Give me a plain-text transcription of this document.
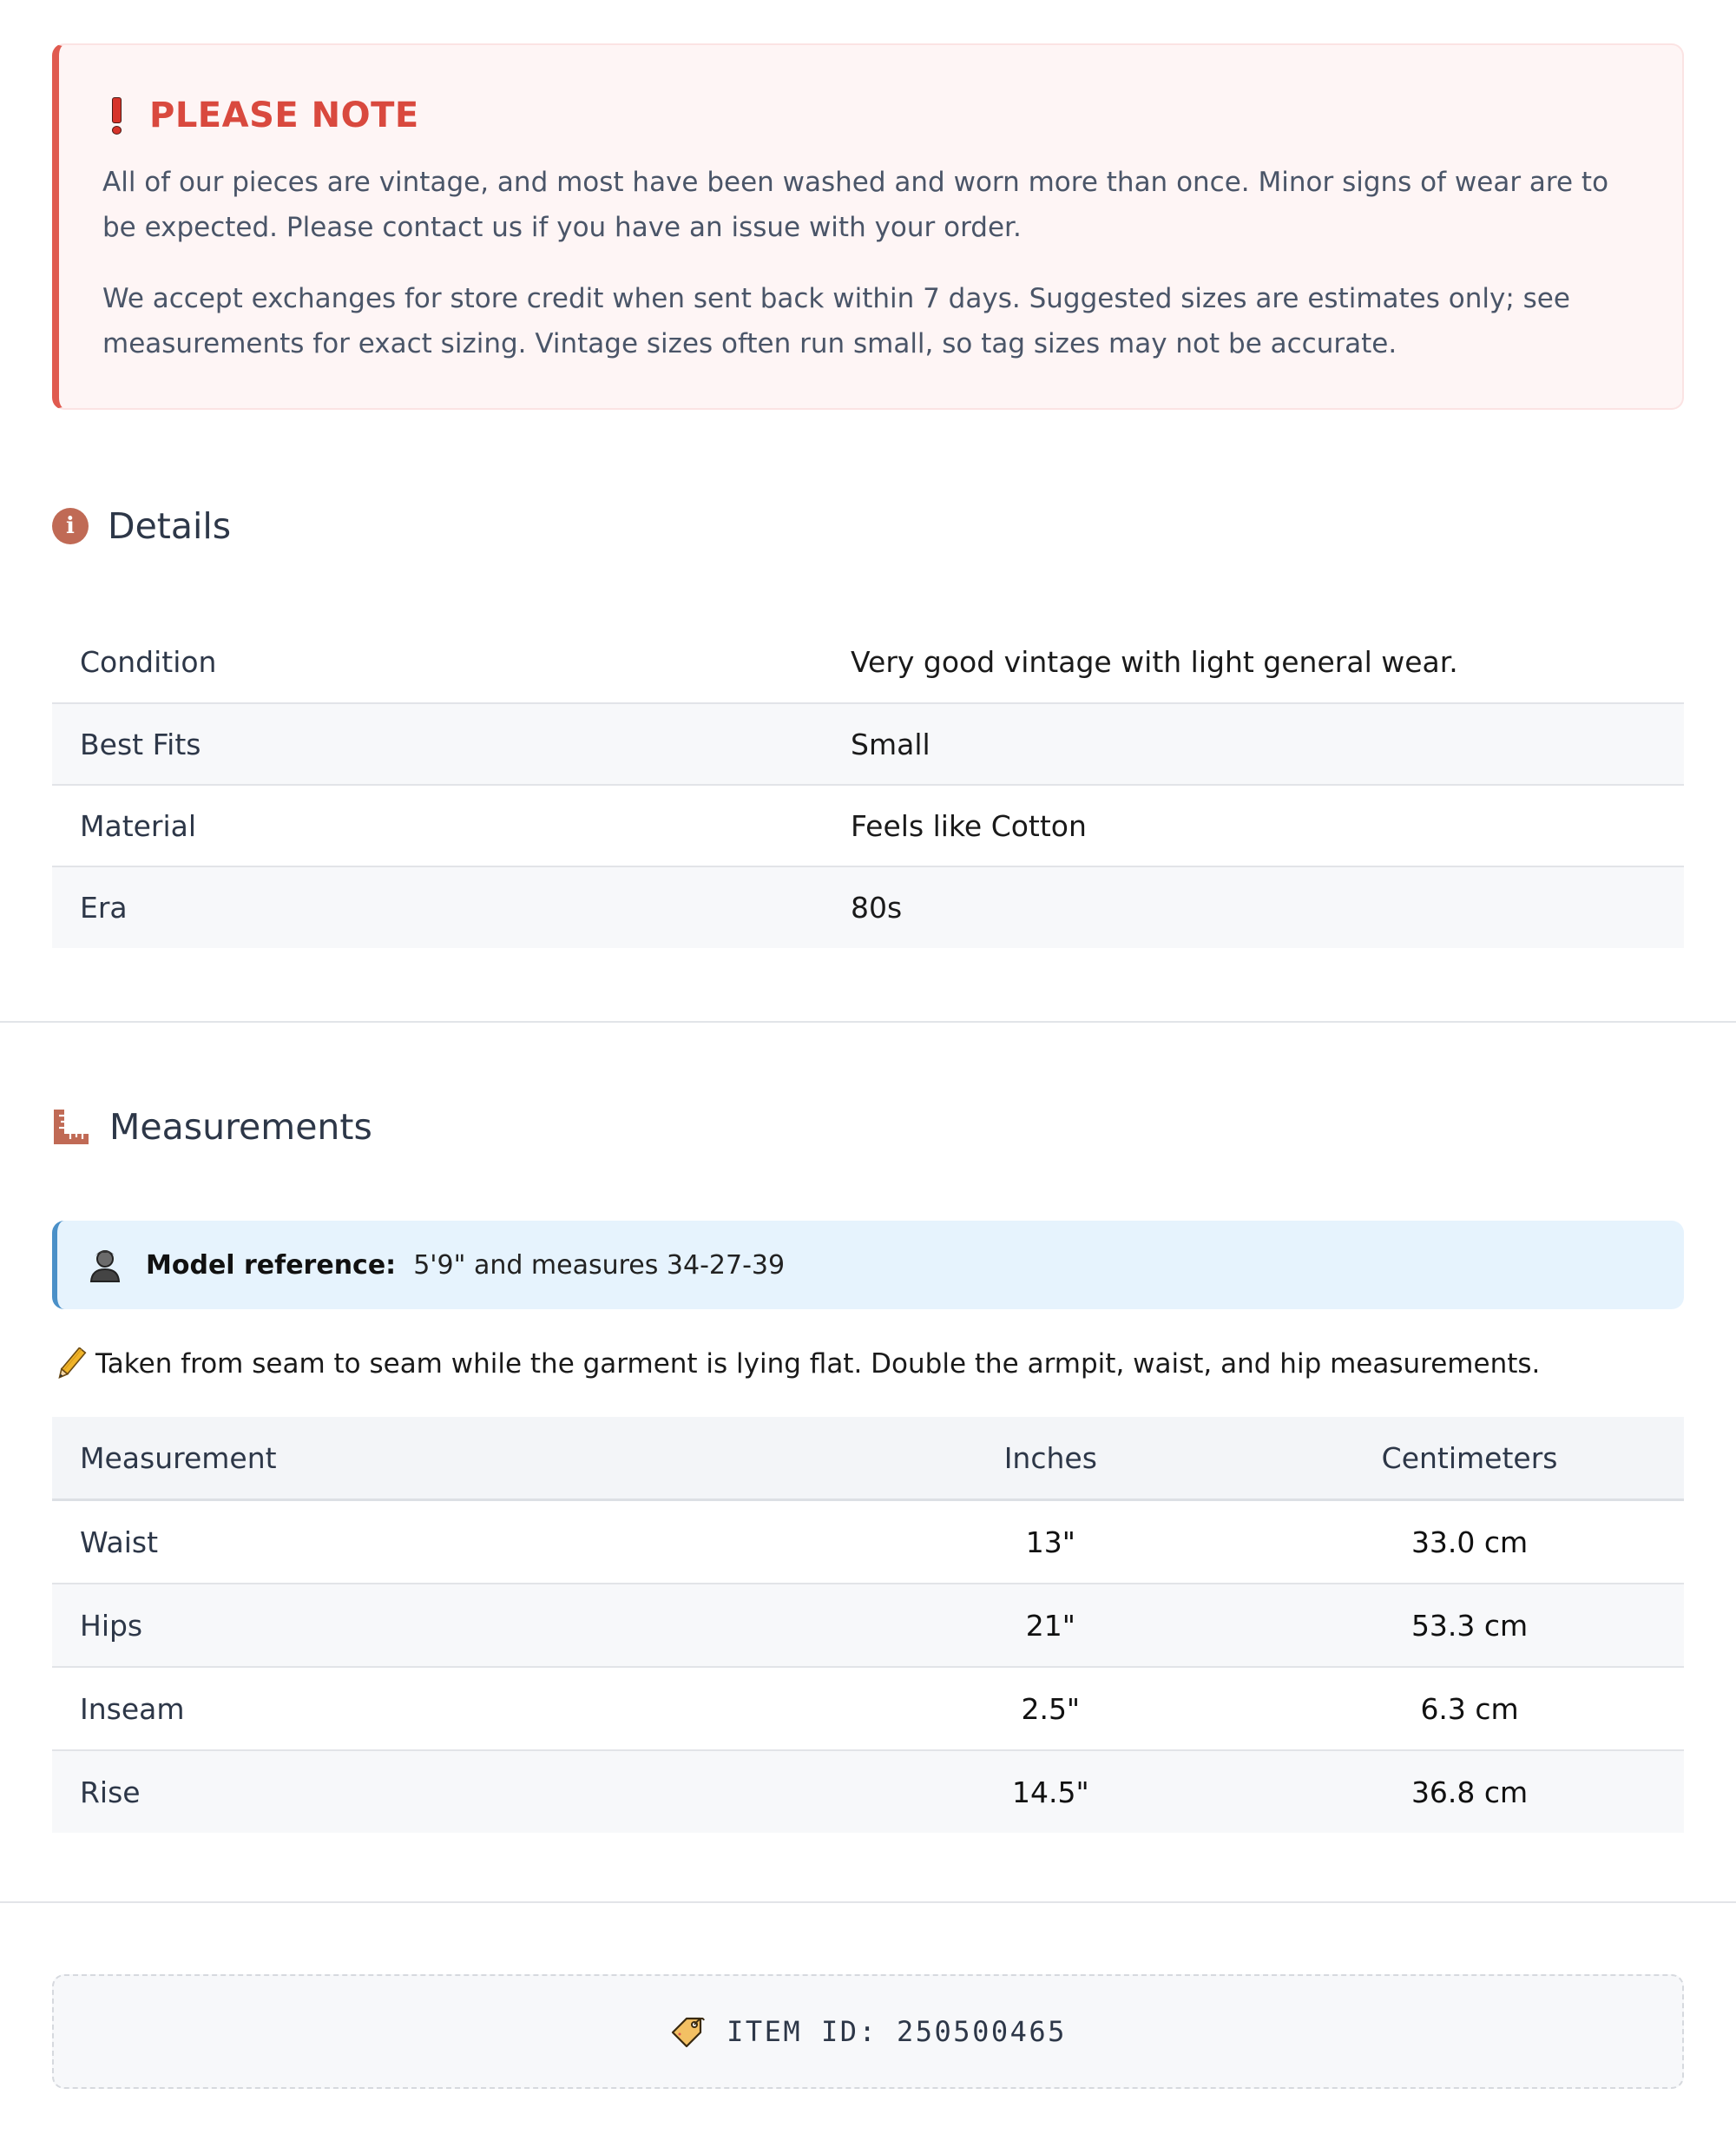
PLEASE NOTE

All of our pieces are vintage, and most have been washed and worn more than once. Minor signs of wear are to be expected. Please contact us if you have an issue with your order.

We accept exchanges for store credit when sent back within 7 days. Suggested sizes are estimates only; see measurements for exact sizing. Vintage sizes often run small, so tag sizes may not be accurate.

i Details
Condition	Very good vintage with light general wear.
Best Fits	Small
Material	Feels like Cotton
Era	80s
Measurements
Model reference: 5'9" and measures 34-27-39
Taken from seam to seam while the garment is lying flat. Double the armpit, waist, and hip measurements.
Measurement	Inches	Centimeters
Waist	13"	33.0 cm
Hips	21"	53.3 cm
Inseam	2.5"	6.3 cm
Rise	14.5"	36.8 cm
ITEM ID: 250500465
